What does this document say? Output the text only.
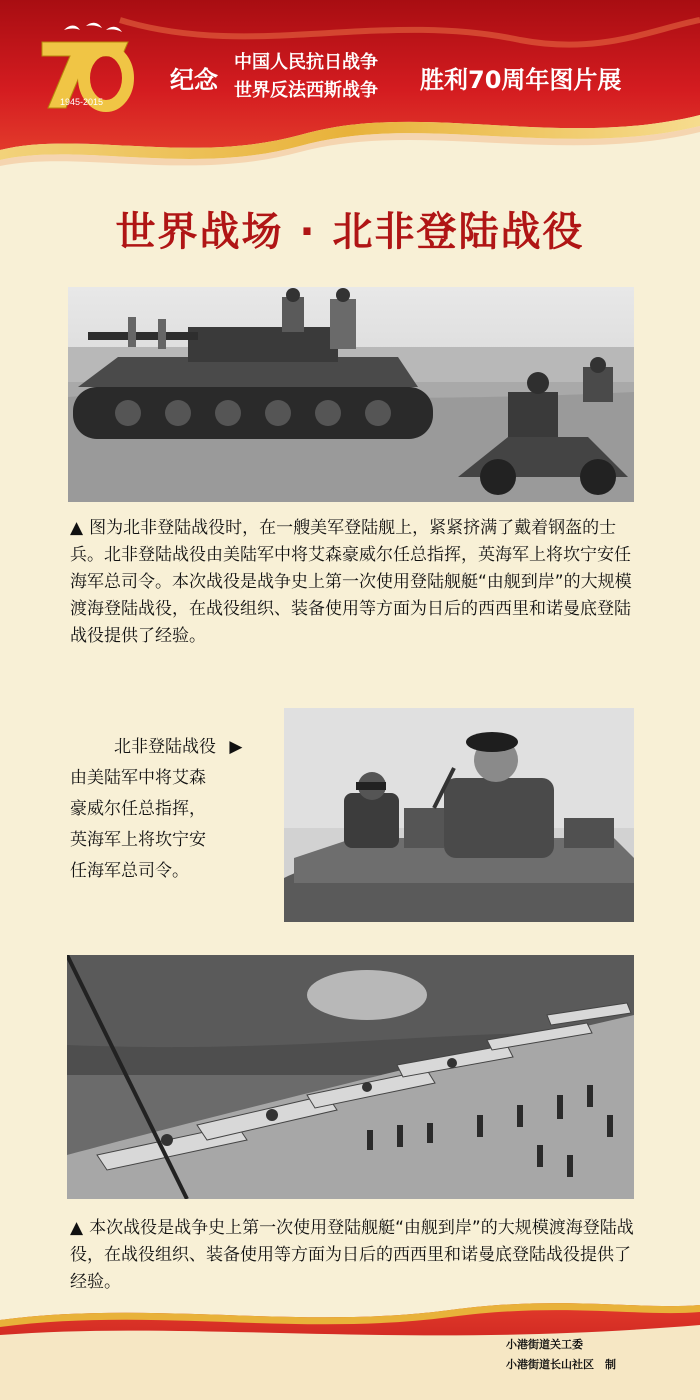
1945-2015
纪念
中国人民抗日战争
世界反法西斯战争 胜利70周年图片展
世界战场 · 北非登陆战役
▲ 图为北非登陆战役时，在一艘美军登陆舰上，紧紧挤满了戴着钢盔的士兵。北非登陆战役由美陆军中将艾森豪威尔任总指挥，英海军上将坎宁安任海军总司令。本次战役是战争史上第一次使用登陆舰艇“由舰到岸”的大规模渡海登陆战役，在战役组织、装备使用等方面为日后的西西里和诺曼底登陆战役提供了经验。
北非登陆战役 ▶
由美陆军中将艾森
豪威尔任总指挥，
英海军上将坎宁安
任海军总司令。
▲ 本次战役是战争史上第一次使用登陆舰艇“由舰到岸”的大规模渡海登陆战役，在战役组织、装备使用等方面为日后的西西里和诺曼底登陆战役提供了经验。
小港街道关工委
小港街道长山社区　制
